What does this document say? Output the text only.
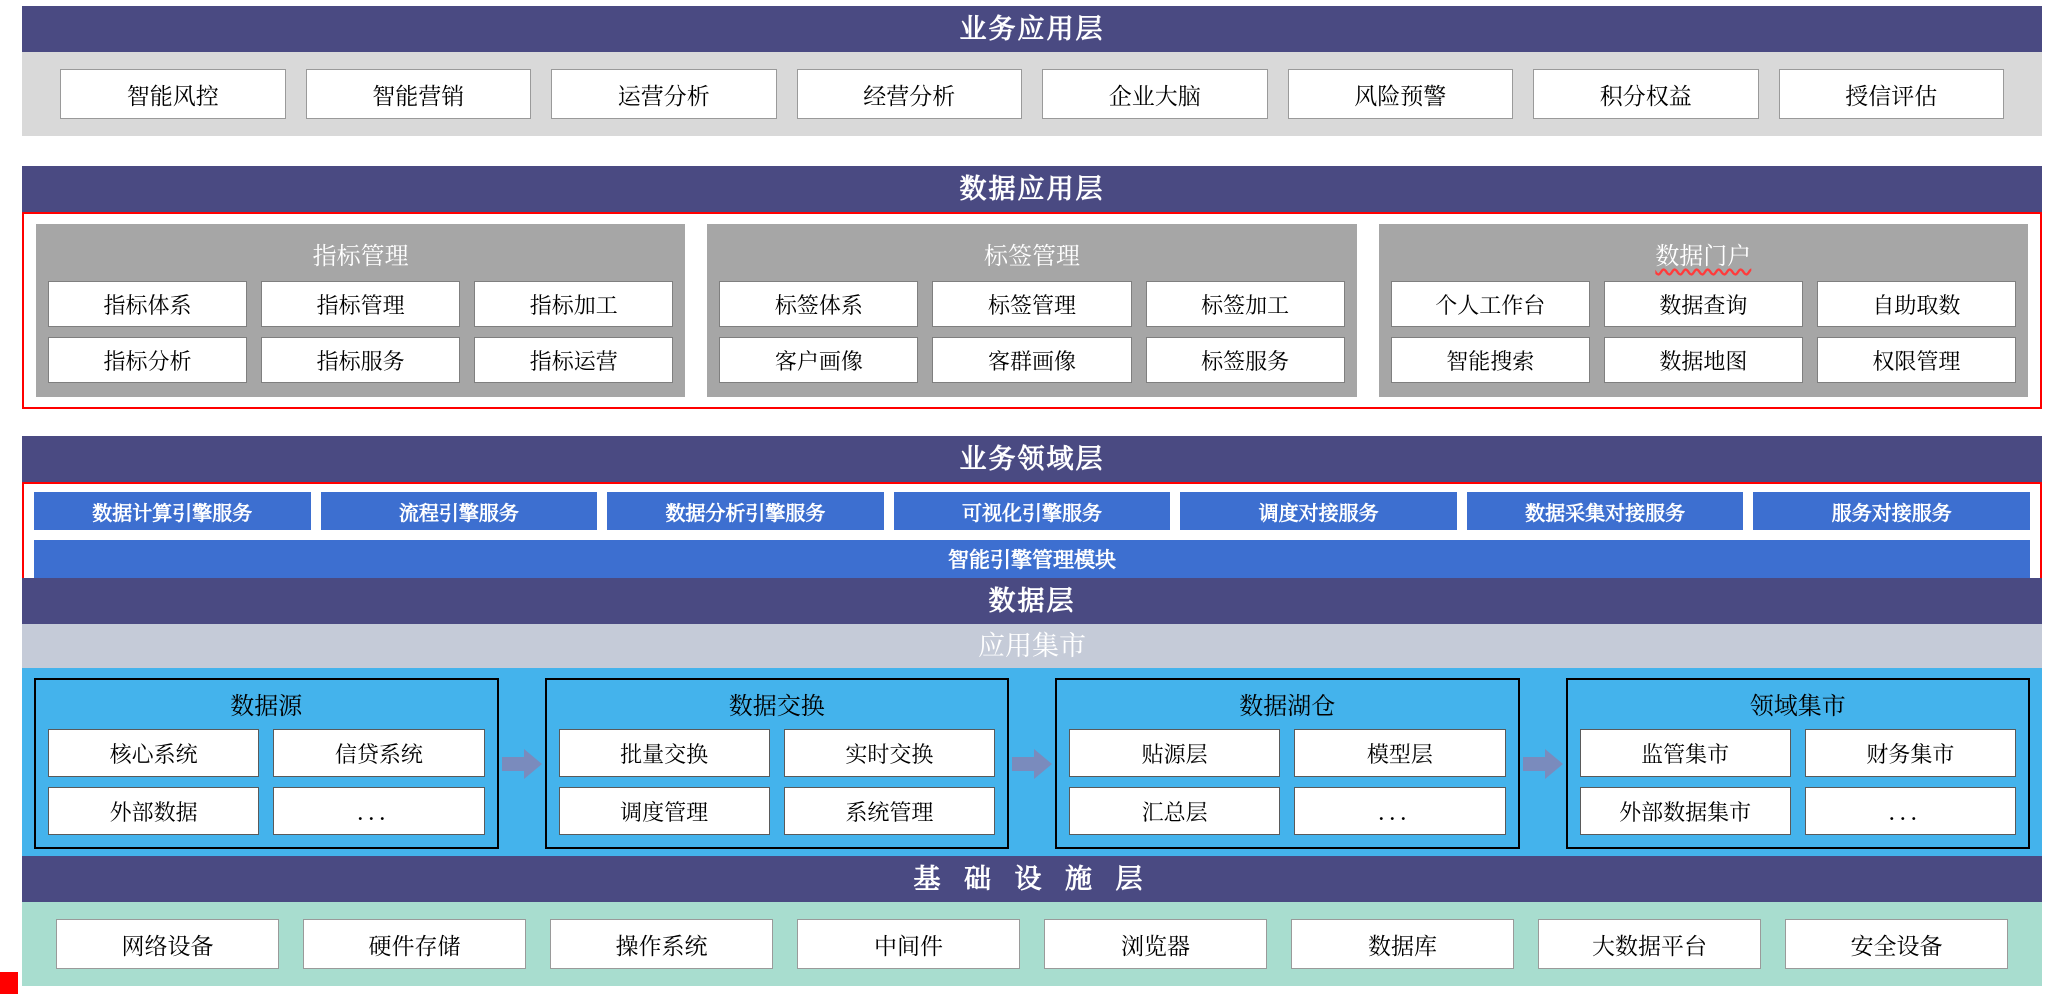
业务应用层
智能风控	智能营销	运营分析	经营分析	企业大脑	风险预警	积分权益	授信评估
数据应用层
指标管理
指标体系	指标管理	指标加工
指标分析	指标服务	指标运营
标签管理
标签体系	标签管理	标签加工
客户画像	客群画像	标签服务
数据门户
个人工作台	数据查询	自助取数
智能搜索	数据地图	权限管理
业务领域层
数据计算引擎服务	流程引擎服务	数据分析引擎服务	可视化引擎服务	调度对接服务	数据采集对接服务	服务对接服务
智能引擎管理模块
数据层
应用集市
数据源
核心系统	信贷系统
外部数据	．．．
数据交换
批量交换	实时交换
调度管理	系统管理
数据湖仓
贴源层	模型层
汇总层	．．．
领域集市
监管集市	财务集市
外部数据集市	．．．
基 础 设 施 层
网络设备	硬件存储	操作系统	中间件	浏览器	数据库	大数据平台	安全设备
